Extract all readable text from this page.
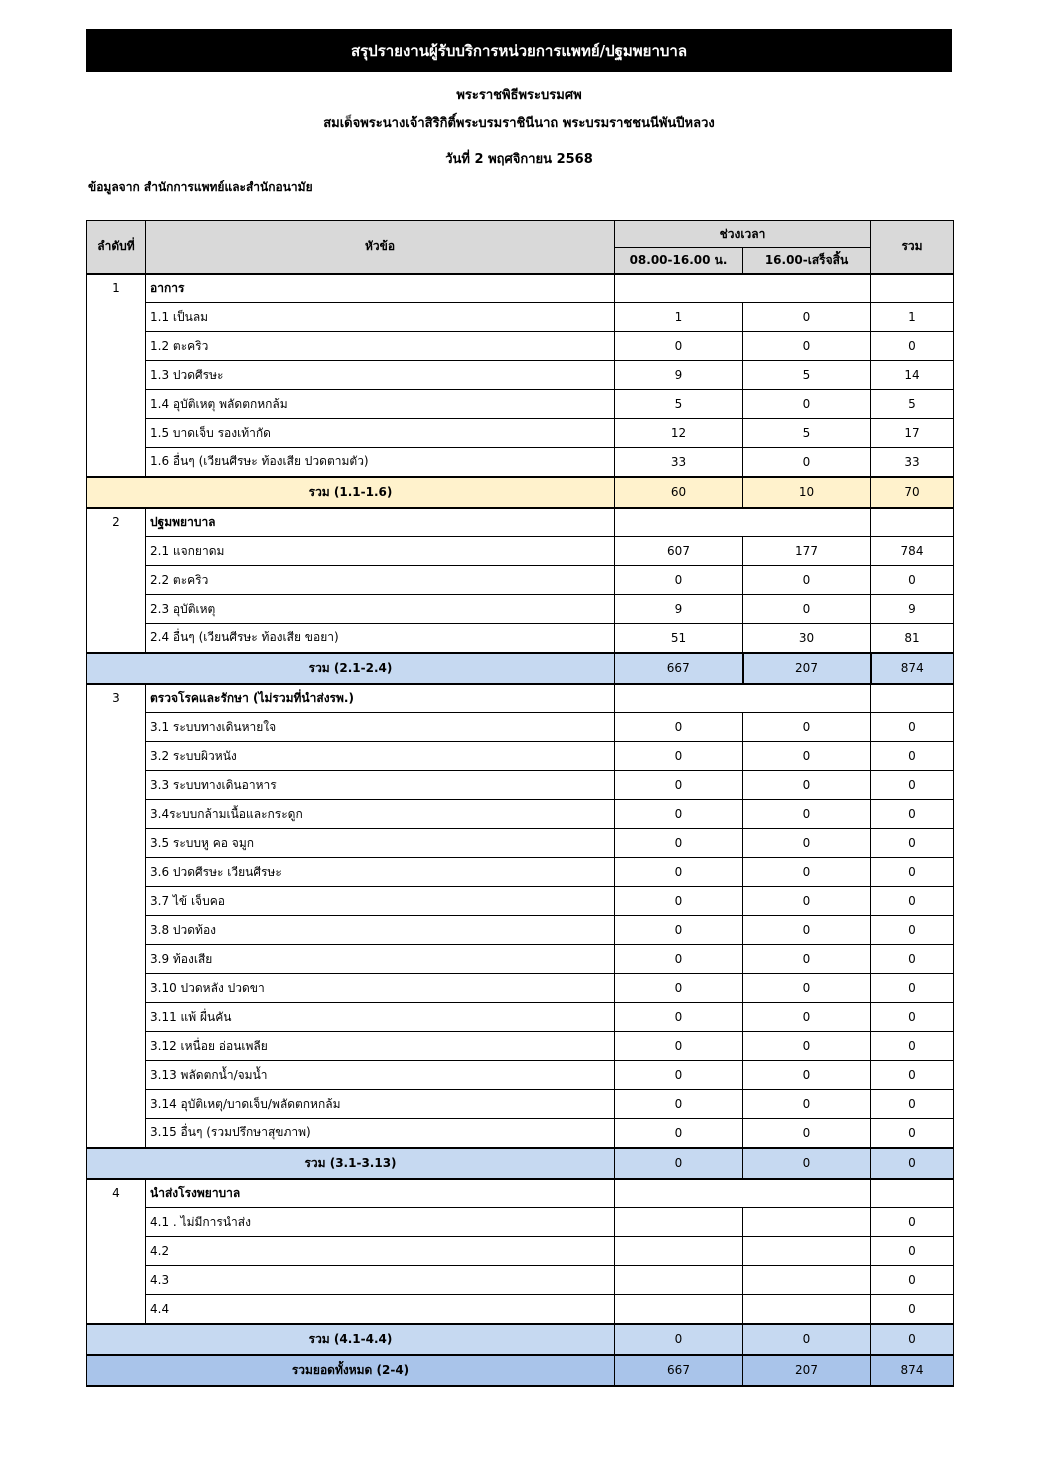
สรุปรายงานผู้รับบริการหน่วยการแพทย์/ปฐมพยาบาล
พระราชพิธีพระบรมศพ
สมเด็จพระนางเจ้าสิริกิติ์พระบรมราชินีนาถ พระบรมราชชนนีพันปีหลวง
วันที่ 2 พฤศจิกายน 2568
ข้อมูลจาก สำนักการแพทย์และสำนักอนามัย
ลำดับที่	หัวข้อ	ช่วงเวลา		รวม
		08.00-16.00 น.	16.00-เสร็จสิ้น	
1	อาการ			
	1.1 เป็นลม	1	0	1
	1.2 ตะคริว	0	0	0
	1.3 ปวดศีรษะ	9	5	14
	1.4 อุบัติเหตุ พลัดตกหกล้ม	5	0	5
	1.5 บาดเจ็บ รองเท้ากัด	12	5	17
	1.6 อื่นๆ (เวียนศีรษะ ท้องเสีย ปวดตามตัว)	33	0	33
รวม (1.1-1.6)		60	10	70
2	ปฐมพยาบาล			
	2.1 แจกยาดม	607	177	784
	2.2 ตะคริว	0	0	0
	2.3 อุบัติเหตุ	9	0	9
	2.4 อื่นๆ (เวียนศีรษะ ท้องเสีย ขอยา)	51	30	81
รวม (2.1-2.4)		667	207	874
3	ตรวจโรคและรักษา (ไม่รวมที่นำส่งรพ.)			
	3.1 ระบบทางเดินหายใจ	0	0	0
	3.2 ระบบผิวหนัง	0	0	0
	3.3 ระบบทางเดินอาหาร	0	0	0
	3.4ระบบกล้ามเนื้อและกระดูก	0	0	0
	3.5 ระบบหู คอ จมูก	0	0	0
	3.6 ปวดศีรษะ เวียนศีรษะ	0	0	0
	3.7 ไข้ เจ็บคอ	0	0	0
	3.8 ปวดท้อง	0	0	0
	3.9 ท้องเสีย	0	0	0
	3.10 ปวดหลัง ปวดขา	0	0	0
	3.11 แพ้ ผื่นคัน	0	0	0
	3.12 เหนื่อย อ่อนเพลีย	0	0	0
	3.13 พลัดตกน้ำ/จมน้ำ	0	0	0
	3.14 อุบัติเหตุ/บาดเจ็บ/พลัดตกหกล้ม	0	0	0
	3.15 อื่นๆ (รวมปรึกษาสุขภาพ)	0	0	0
รวม (3.1-3.13)		0	0	0
4	นำส่งโรงพยาบาล			
	4.1 . ไม่มีการนำส่ง			0
	4.2			0
	4.3			0
	4.4			0
รวม (4.1-4.4)		0	0	0
รวมยอดทั้งหมด (2-4)		667	207	874
